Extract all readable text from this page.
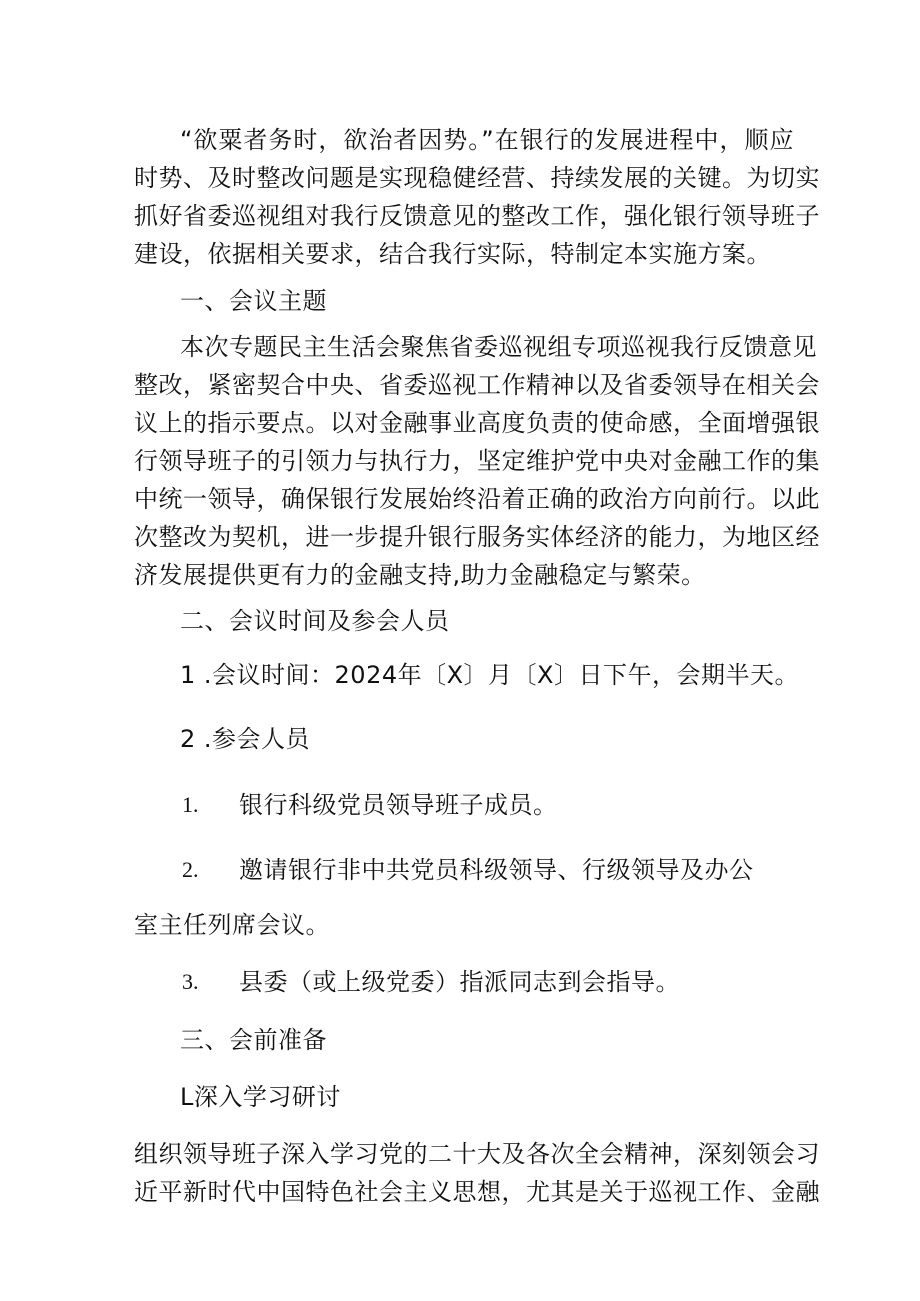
“欲粟者务时，欲治者因势。”在银行的发展进程中，顺应
时势、及时整改问题是实现稳健经营、持续发展的关键。为切实
抓好省委巡视组对我行反馈意见的整改工作，强化银行领导班子
建设，依据相关要求，结合我行实际，特制定本实施方案。
一、会议主题
本次专题民主生活会聚焦省委巡视组专项巡视我行反馈意见
整改，紧密契合中央、省委巡视工作精神以及省委领导在相关会
议上的指示要点。以对金融事业高度负责的使命感，全面增强银
行领导班子的引领力与执行力，坚定维护党中央对金融工作的集
中统一领导，确保银行发展始终沿着正确的政治方向前行。以此
次整改为契机，进一步提升银行服务实体经济的能力，为地区经
济发展提供更有力的金融支持,助力金融稳定与繁荣。
二、会议时间及参会人员
1 .会议时间：2024年〔X〕月〔X〕日下午，会期半天。
2 .参会人员
1. 银行科级党员领导班子成员。
2. 邀请银行非中共党员科级领导、行级领导及办公
室主任列席会议。
3. 县委（或上级党委）指派同志到会指导。
三、会前准备
L深入学习研讨
组织领导班子深入学习党的二十大及各次全会精神，深刻领会习
近平新时代中国特色社会主义思想，尤其是关于巡视工作、金融
